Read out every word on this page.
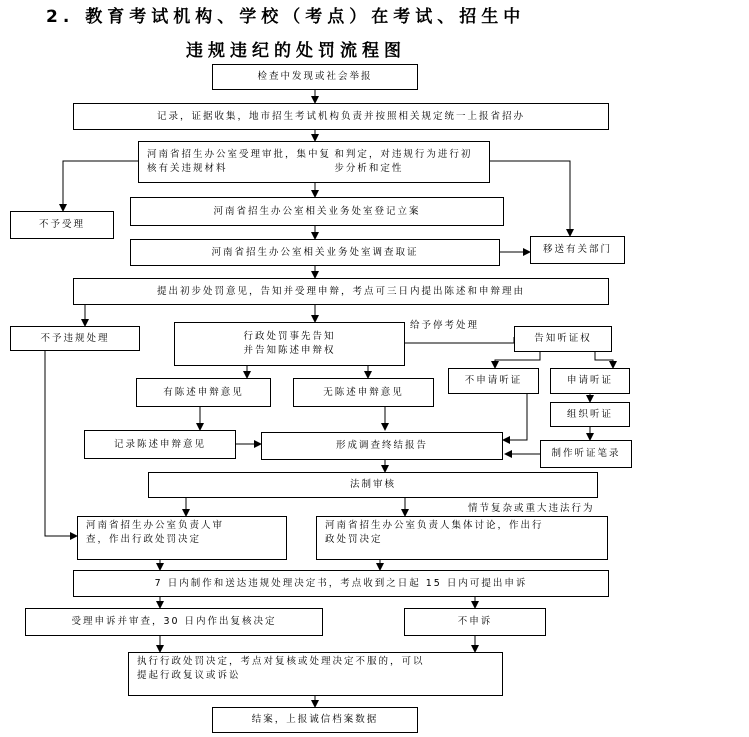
2. 教育考试机构、学校（考点）在考试、招生中
违规违纪的处罚流程图
检查中发现或社会举报
记录，证据收集，地市招生考试机构负责并按照相关规定统一上报省招办
河南省招生办公室受理审批，集中复核有关违规材料
和判定，对违规行为进行初步分析和定性
不予受理
河南省招生办公室相关业务处室登记立案
河南省招生办公室相关业务处室调查取证	移送有关部门
提出初步处罚意见，告知并受理申辩，考点可三日内提出陈述和申辩理由
不予违规处理	行政处罚事先告知
并告知陈述申辩权
给予停考处理
告知听证权
有陈述申辩意见	无陈述申辩意见
不申请听证	申请听证
组织听证
记录陈述申辩意见	形成调查终结报告
制作听证笔录
法制审核
情节复杂或重大违法行为
河南省招生办公室负责人审
查，作出行政处罚决定
河南省招生办公室负责人集体讨论，作出行
政处罚决定
7 日内制作和送达违规处理决定书，考点收到之日起 15 日内可提出申诉
受理申诉并审查，30 日内作出复核决定	不申诉
执行行政处罚决定，考点对复核或处理决定不服的，可以
提起行政复议或诉讼
结案，上报诚信档案数据
